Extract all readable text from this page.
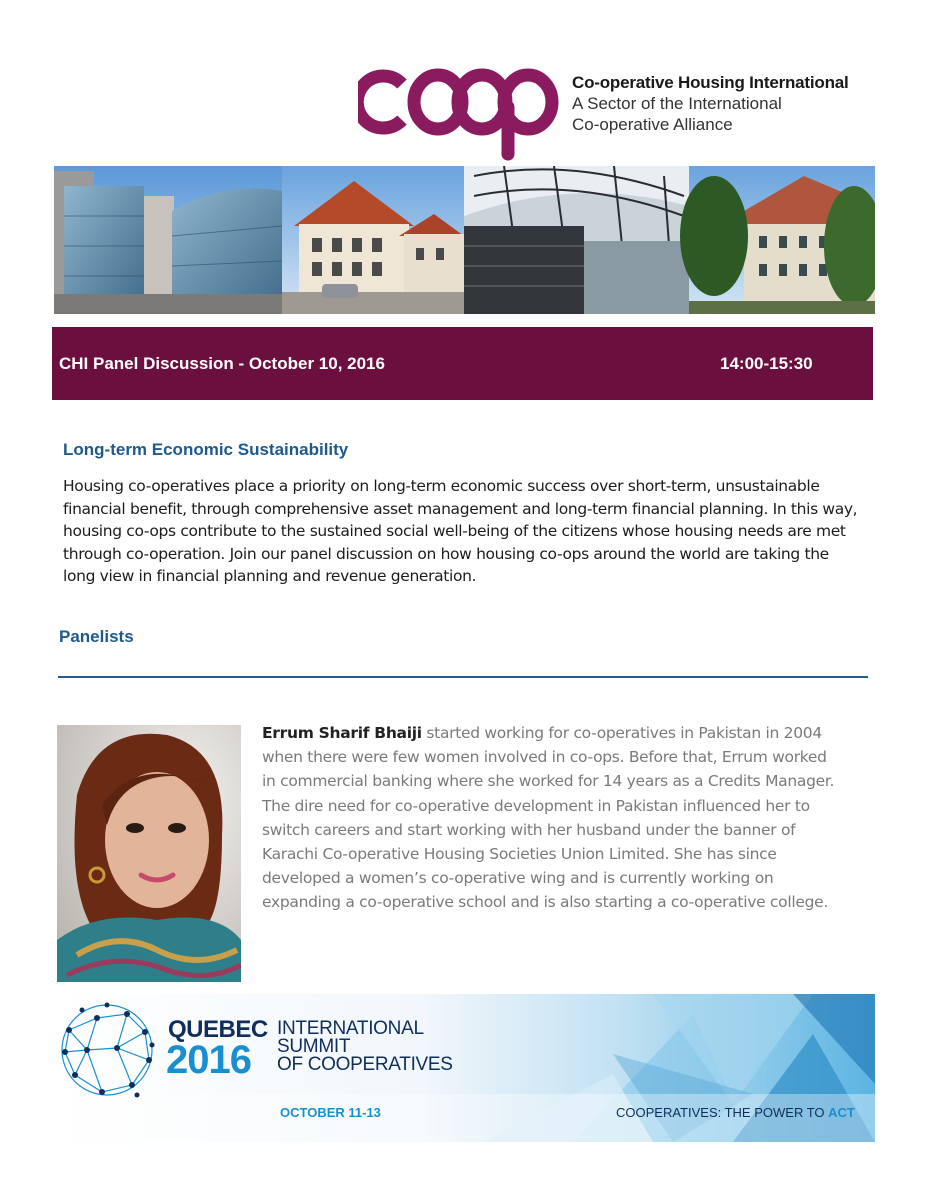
Co-operative Housing International
A Sector of the International
Co-operative Alliance
CHI Panel Discussion - October 10, 2016	14:00-15:30
Long-term Economic Sustainability
Housing co-operatives place a priority on long-term economic success over short-term, unsustainable financial benefit, through comprehensive asset management and long-term financial planning. In this way, housing co-ops contribute to the sustained social well-being of the citizens whose housing needs are met through co-operation. Join our panel discussion on how housing co-ops around the world are taking the long view in financial planning and revenue generation.
Panelists
Errum Sharif Bhaiji started working for co-operatives in Pakistan in 2004 when there were few women involved in co-ops. Before that, Errum worked in commercial banking where she worked for 14 years as a Credits Manager. The dire need for co-operative development in Pakistan influenced her to switch careers and start working with her husband under the banner of Karachi Co-operative Housing Societies Union Limited. She has since developed a women’s co-operative wing and is currently working on expanding a co-operative school and is also starting a co-operative college.
QUEBEC
2016
INTERNATIONAL
SUMMIT
OF COOPERATIVES
OCTOBER 11-13	COOPERATIVES: THE POWER TO ACT
